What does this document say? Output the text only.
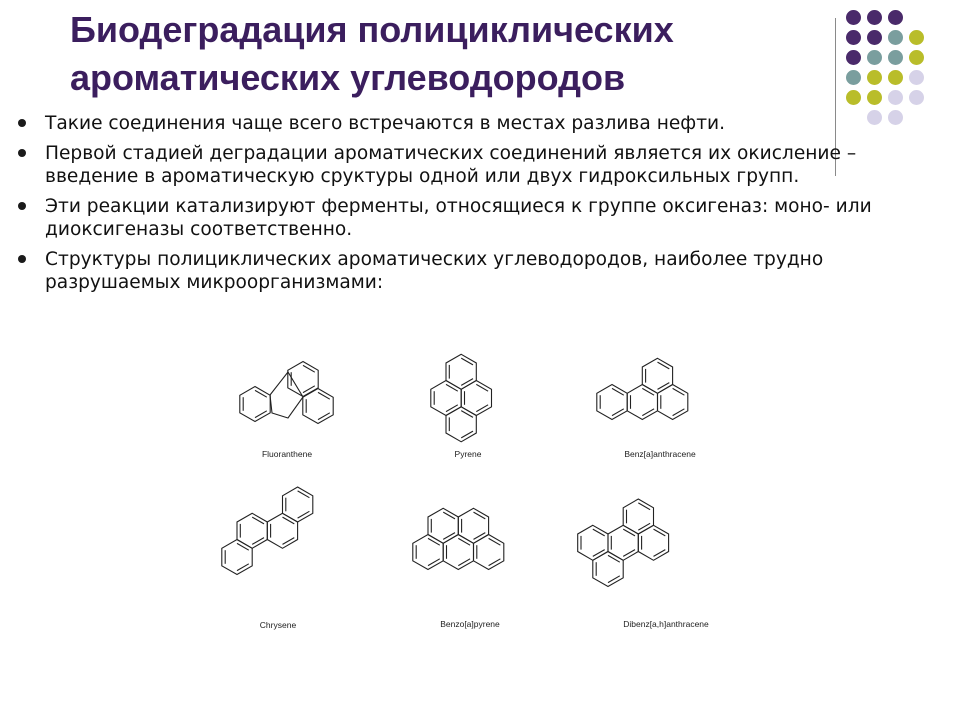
Биодеградация полициклических
ароматических углеводородов
Такие соединения чаще всего встречаются в местах разлива нефти.
Первой стадией деградации ароматических соединений является их окисление – введение в ароматическую сруктуры одной или двух гидроксильных групп.
Эти реакции катализируют ферменты, относящиеся к группе оксигеназ: моно- или диоксигеназы соответственно.
Структуры полициклических ароматических углеводородов, наиболее трудно разрушаемых микроорганизмами:
Fluoranthene	Pyrene	Benz[a]anthracene
Chrysene	Benzo[a]pyrene	Dibenz[a,h]anthracene
